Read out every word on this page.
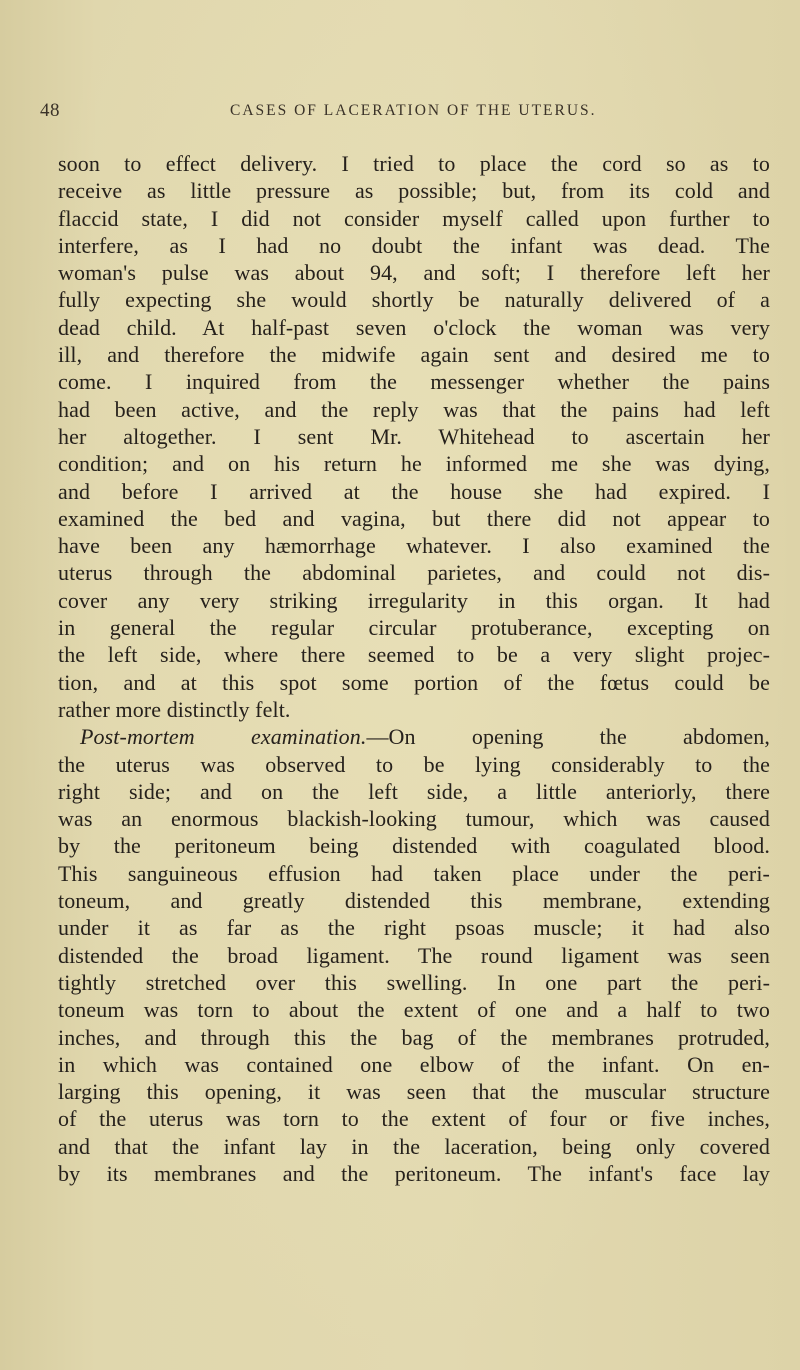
48	CASES OF LACERATION OF THE UTERUS.
soon to effect delivery. I tried to place the cord so as to
receive as little pressure as possible; but, from its cold and
flaccid state, I did not consider myself called upon further to
interfere, as I had no doubt the infant was dead. The
woman's pulse was about 94, and soft; I therefore left her
fully expecting she would shortly be naturally delivered of a
dead child. At half-past seven o'clock the woman was very
ill, and therefore the midwife again sent and desired me to
come. I inquired from the messenger whether the pains
had been active, and the reply was that the pains had left
her altogether. I sent Mr. Whitehead to ascertain her
condition; and on his return he informed me she was dying,
and before I arrived at the house she had expired. I
examined the bed and vagina, but there did not appear to
have been any hæmorrhage whatever. I also examined the
uterus through the abdominal parietes, and could not dis-
cover any very striking irregularity in this organ. It had
in general the regular circular protuberance, excepting on
the left side, where there seemed to be a very slight projec-
tion, and at this spot some portion of the fœtus could be
rather more distinctly felt.
Post-mortem examination.—On opening the abdomen,
the uterus was observed to be lying considerably to the
right side; and on the left side, a little anteriorly, there
was an enormous blackish-looking tumour, which was caused
by the peritoneum being distended with coagulated blood.
This sanguineous effusion had taken place under the peri-
toneum, and greatly distended this membrane, extending
under it as far as the right psoas muscle; it had also
distended the broad ligament. The round ligament was seen
tightly stretched over this swelling. In one part the peri-
toneum was torn to about the extent of one and a half to two
inches, and through this the bag of the membranes protruded,
in which was contained one elbow of the infant. On en-
larging this opening, it was seen that the muscular structure
of the uterus was torn to the extent of four or five inches,
and that the infant lay in the laceration, being only covered
by its membranes and the peritoneum. The infant's face lay
